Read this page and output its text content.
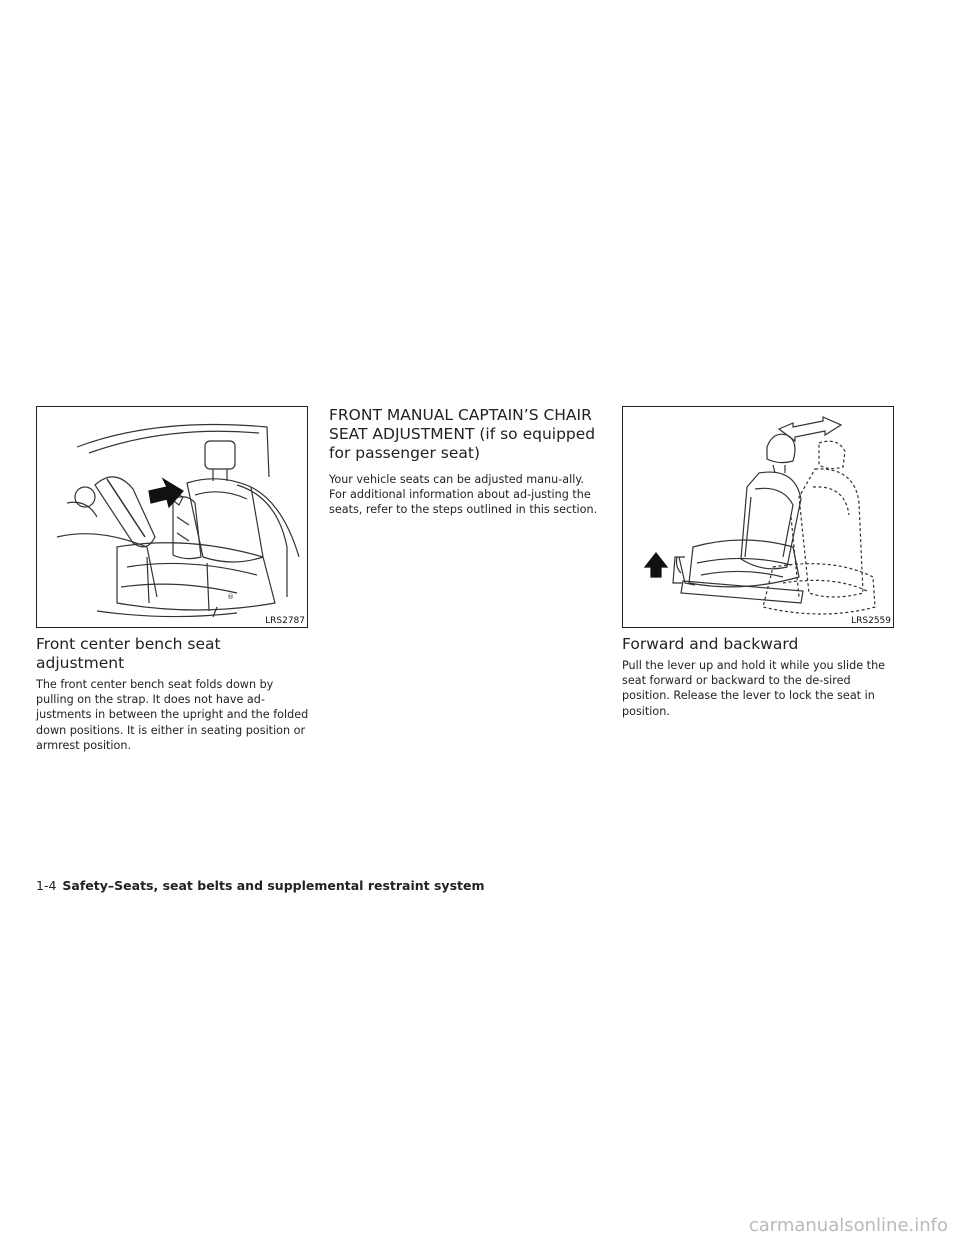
®
LRS2787
Front center bench seat adjustment

The front center bench seat folds down by pulling on the strap. It does not have ad-justments in between the upright and the folded down positions. It is either in seating position or armrest position.

FRONT MANUAL CAPTAIN’S CHAIR SEAT ADJUSTMENT (if so equipped for passenger seat)

Your vehicle seats can be adjusted manu-ally. For additional information about ad-justing the seats, refer to the steps outlined in this section.

LRS2559
Forward and backward

Pull the lever up and hold it while you slide the seat forward or backward to the de-sired position. Release the lever to lock the seat in position.

1-4 Safety–Seats, seat belts and supplemental restraint system
carmanualsonline.info
